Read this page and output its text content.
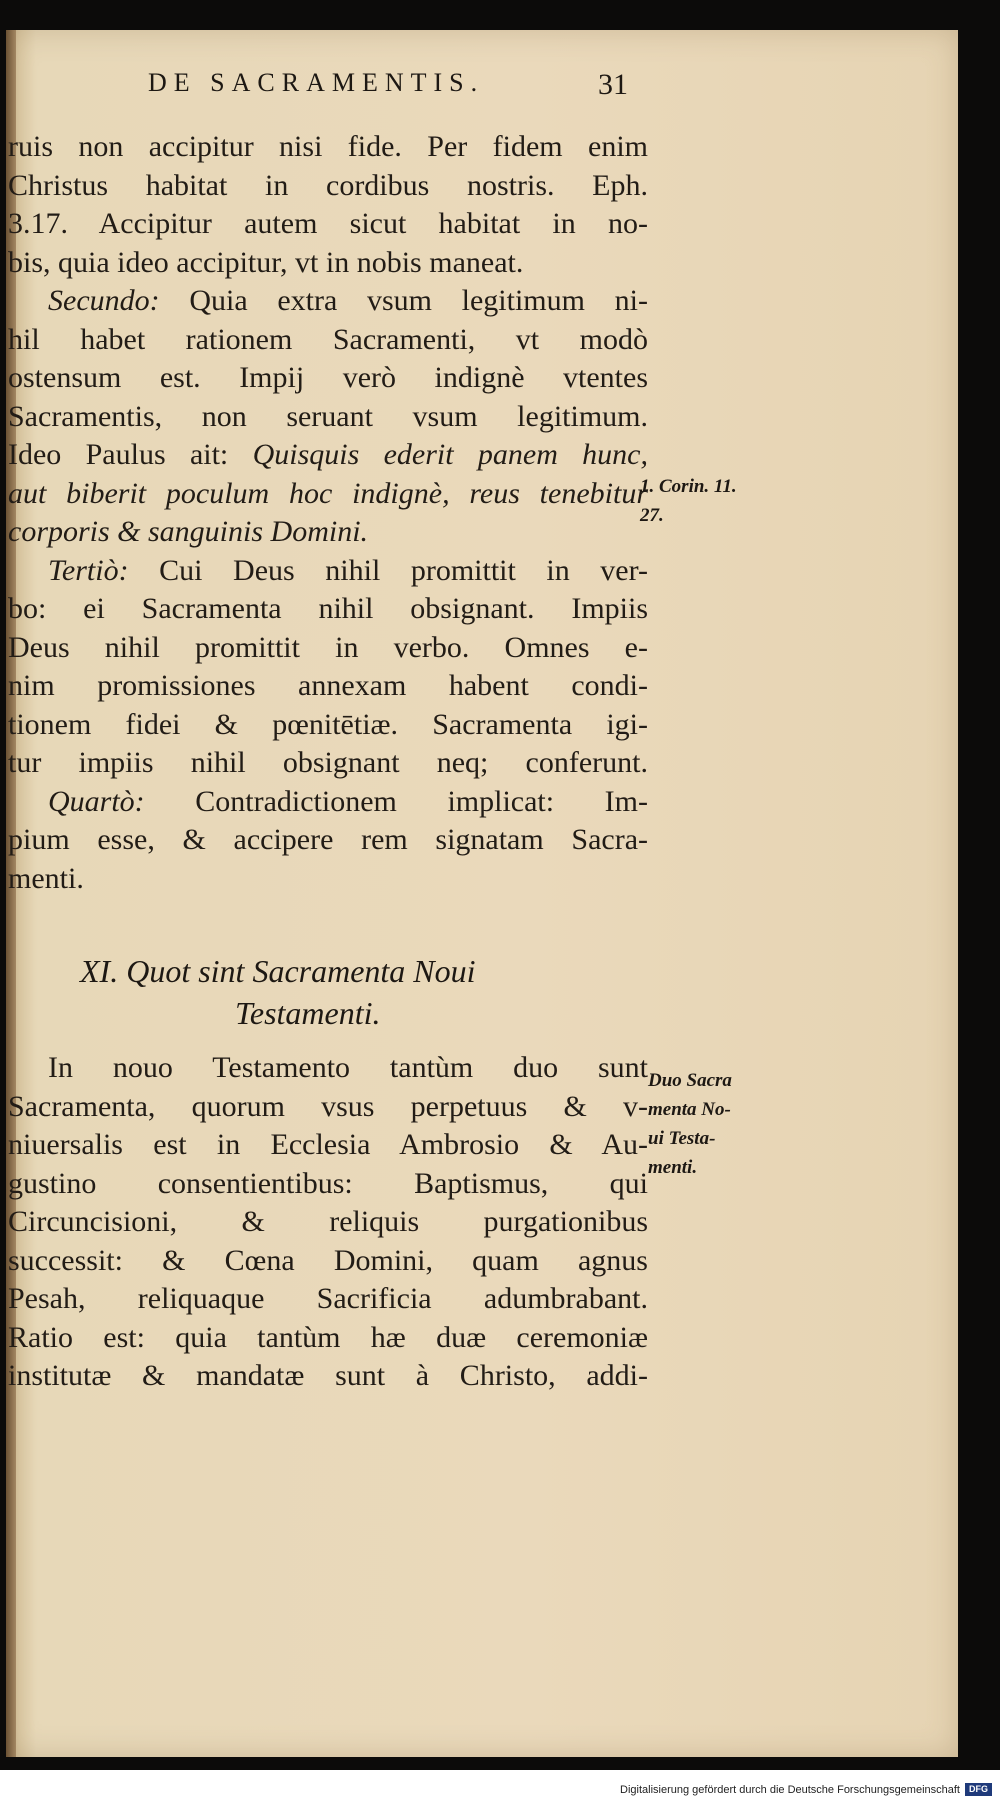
DE SACRAMENTIS.	31
ruis non accipitur nisi fide. Per fidem enim
Christus habitat in cordibus nostris. Eph.
3.17. Accipitur autem sicut habitat in no-
bis, quia ideo accipitur, vt in nobis maneat.
Secundo: Quia extra vsum legitimum ni-
hil habet rationem Sacramenti, vt modò
ostensum est. Impij verò indignè vtentes
Sacramentis, non seruant vsum legitimum.
Ideo Paulus ait: Quisquis ederit panem hunc,
aut biberit poculum hoc indignè, reus tenebitur
corporis & sanguinis Domini.
Tertiò: Cui Deus nihil promittit in ver-
bo: ei Sacramenta nihil obsignant. Impiis
Deus nihil promittit in verbo. Omnes e-
nim promissiones annexam habent condi-
tionem fidei & pœnitētiæ. Sacramenta igi-
tur impiis nihil obsignant neq; conferunt.
Quartò: Contradictionem implicat: Im-
pium esse, & accipere rem signatam Sacra-
menti.
XI. Quot sint Sacramenta Noui
Testamenti.
In nouo Testamento tantùm duo sunt
Sacramenta, quorum vsus perpetuus & v-
niuersalis est in Ecclesia Ambrosio & Au-
gustino consentientibus: Baptismus, qui
Circuncisioni, & reliquis purgationibus
successit: & Cœna Domini, quam agnus
Pesah, reliquaque Sacrificia adumbrabant.
Ratio est: quia tantùm hæ duæ ceremoniæ
institutæ & mandatæ sunt à Christo, addi-
1. Corin. 11.
27.
Duo Sacra
menta No-
ui Testa-
menti.
Digitalisierung gefördert durch die Deutsche Forschungsgemeinschaft	DFG
